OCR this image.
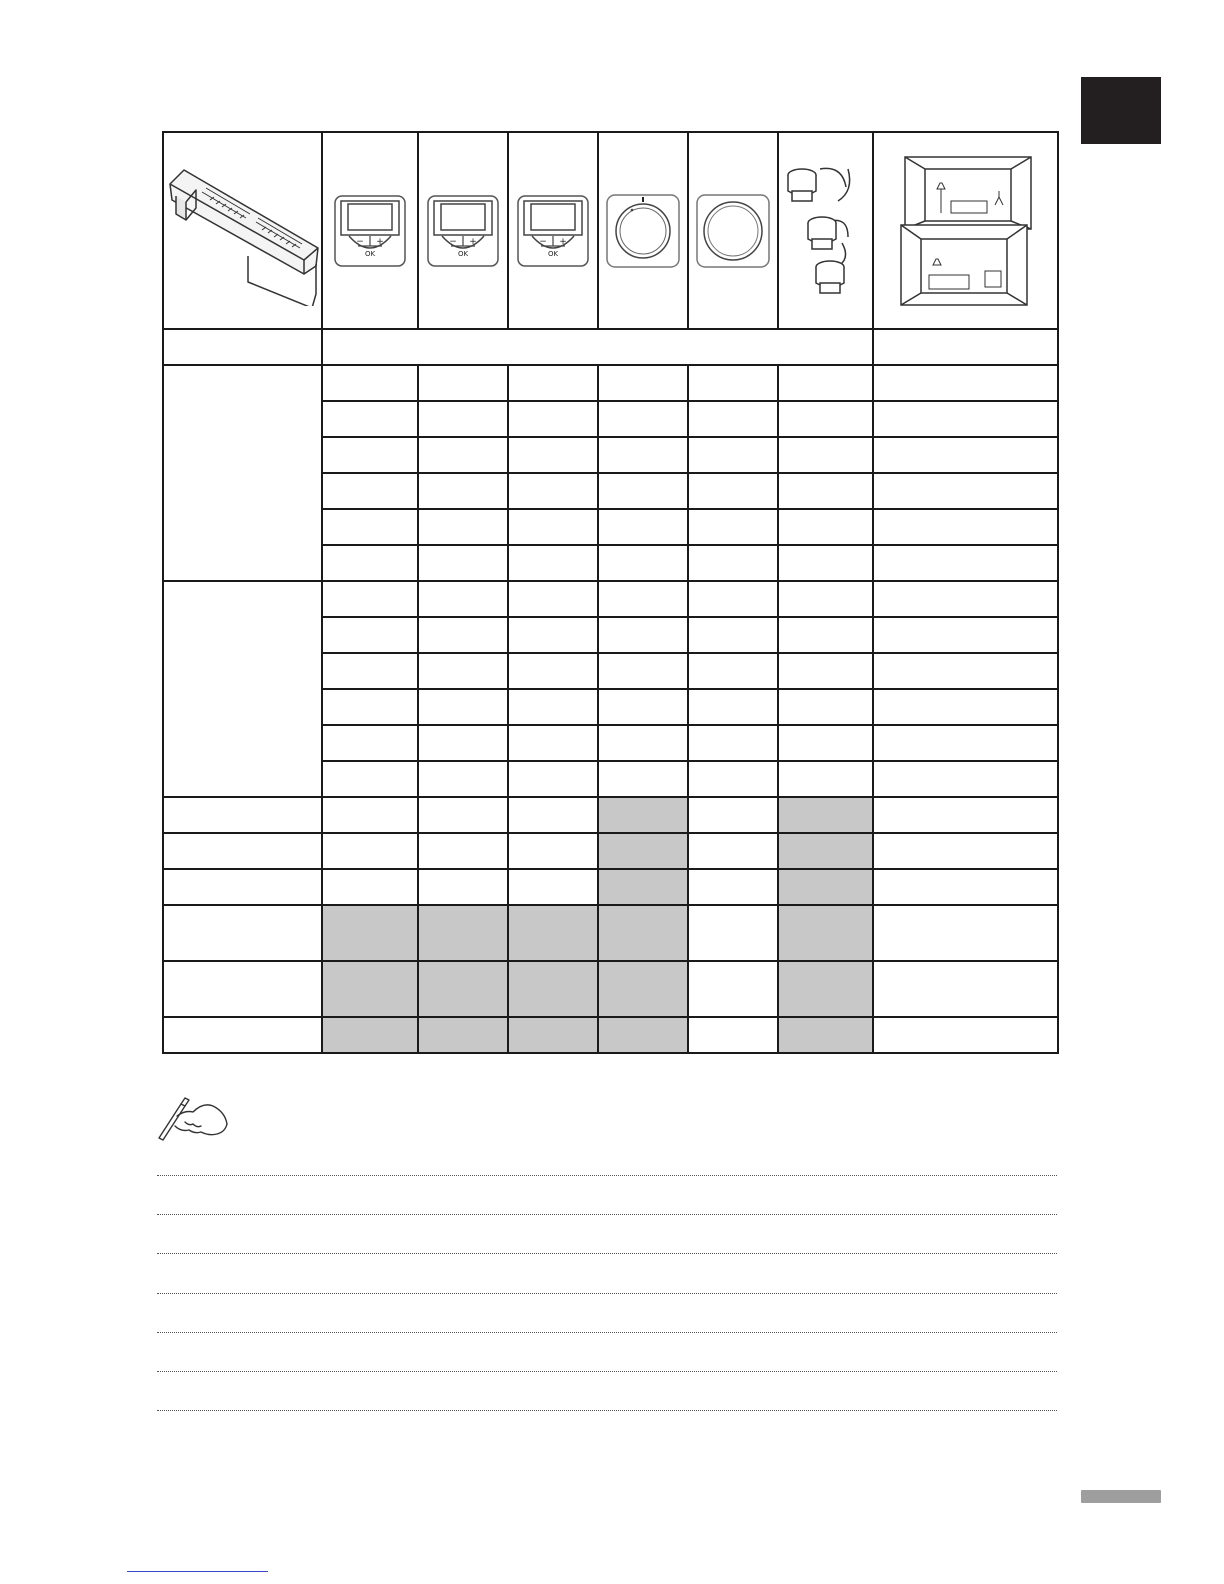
− +
OK	− +
OK	− +
OK
